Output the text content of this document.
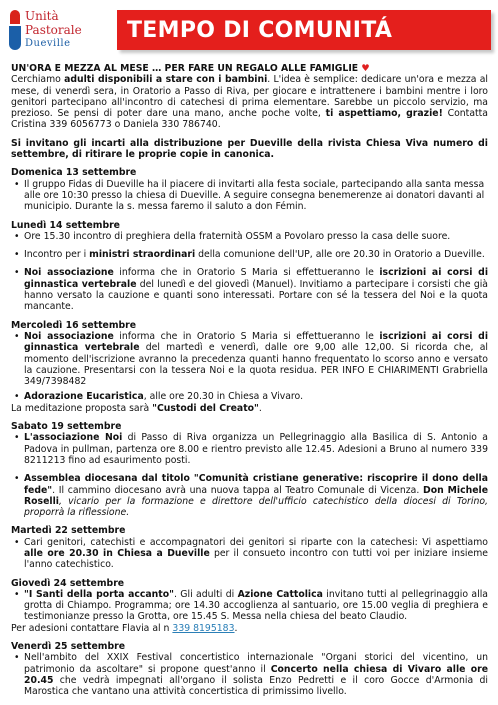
Unità
Pastorale
Dueville
TEMPO DI COMUNITÁ

UN'ORA E MEZZA AL MESE … PER FARE UN REGALO ALLE FAMIGLIE ♥

Cerchiamo adulti disponibili a stare con i bambini. L'idea è semplice: dedicare un'ora e mezza al mese, di venerdì sera, in Oratorio a Passo di Riva, per giocare e intrattenere i bambini mentre i loro genitori partecipano all'incontro di catechesi di prima elementare. Sarebbe un piccolo servizio, ma prezioso. Se pensi di poter dare una mano, anche poche volte, ti aspettiamo, grazie! Contatta Cristina 339 6056773 o Daniela 330 786740.

Si invitano gli incarti alla distribuzione per Dueville della rivista Chiesa Viva numero di settembre, di ritirare le proprie copie in canonica.

Domenica 13 settembre

• Il gruppo Fidas di Dueville ha il piacere di invitarti alla festa sociale, partecipando alla santa messa alle ore 10:30 presso la chiesa di Dueville. A seguire consegna benemerenze ai donatori davanti al municipio. Durante la s. messa faremo il saluto a don Fémin.

Lunedì 14 settembre

• Ore 15.30 incontro di preghiera della fraternità OSSM a Povolaro presso la casa delle suore.
• Incontro per i ministri straordinari della comunione dell'UP, alle ore 20.30 in Oratorio a Dueville.
• Noi associazione informa che in Oratorio S Maria si effettueranno le iscrizioni ai corsi di ginnastica vertebrale del lunedì e del giovedì (Manuel). Invitiamo a partecipare i corsisti che già hanno versato la cauzione e quanti sono interessati. Portare con sé la tessera del Noi e la quota mancante.

Mercoledì 16 settembre

• Noi associazione informa che in Oratorio S Maria si effettueranno le iscrizioni ai corsi di ginnastica vertebrale del martedì e venerdì, dalle ore 9,00 alle 12,00. Si ricorda che, al momento dell'iscrizione avranno la precedenza quanti hanno frequentato lo scorso anno e versato la cauzione. Presentarsi con la tessera Noi e la quota residua. PER INFO E CHIARIMENTI Grabriella 349/7398482
• Adorazione Eucaristica, alle ore 20.30 in Chiesa a Vivaro.

La meditazione proposta sarà "Custodi del Creato".

Sabato 19 settembre

• L'associazione Noi di Passo di Riva organizza un Pellegrinaggio alla Basilica di S. Antonio a Padova in pullman, partenza ore 8.00 e rientro previsto alle 12.45. Adesioni a Bruno al numero 339 8211213 fino ad esaurimento posti.
• Assemblea diocesana dal titolo "Comunità cristiane generative: riscoprire il dono della fede". Il cammino diocesano avrà una nuova tappa al Teatro Comunale di Vicenza. Don Michele Roselli, vicario per la formazione e direttore dell'ufficio catechistico della diocesi di Torino, proporrà la riflessione.

Martedì 22 settembre

• Cari genitori, catechisti e accompagnatori dei genitori si riparte con la catechesi: Vi aspettiamo alle ore 20.30 in Chiesa a Dueville per il consueto incontro con tutti voi per iniziare insieme l'anno catechistico.

Giovedì 24 settembre

• "I Santi della porta accanto". Gli adulti di Azione Cattolica invitano tutti al pellegrinaggio alla grotta di Chiampo. Programma; ore 14.30 accoglienza al santuario, ore 15.00 veglia di preghiera e testimonianze presso la Grotta, ore 15.45 S. Messa nella chiesa del beato Claudio.

Per adesioni contattare Flavia al n 339 8195183.

Venerdì 25 settembre

• Nell'ambito del XXIX Festival concertistico internazionale "Organi storici del vicentino, un patrimonio da ascoltare" si propone quest'anno il Concerto nella chiesa di Vivaro alle ore 20.45 che vedrà impegnati all'organo il solista Enzo Pedretti e il coro Gocce d'Armonia di Marostica che vantano una attività concertistica di primissimo livello.
